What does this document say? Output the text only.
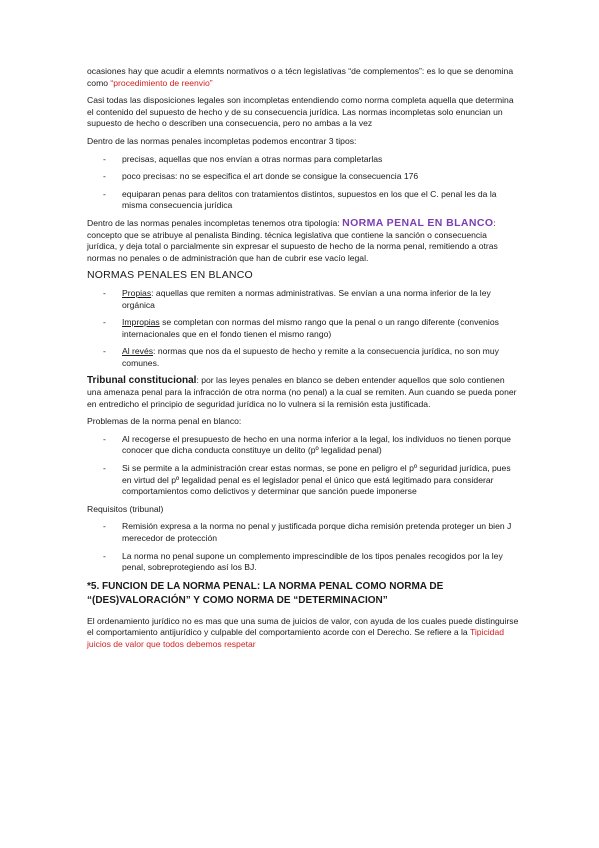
ocasiones hay que acudir a elemnts normativos o a técn legislativas “de complementos”: es lo que se denomina como “procedimiento de reenvio”

Casi todas las disposiciones legales son incompletas entendiendo como norma completa aquella que determina el contenido del supuesto de hecho y de su consecuencia jurídica. Las normas incompletas solo enuncian un supuesto de hecho o describen una consecuencia, pero no ambas a la vez

Dentro de las normas penales incompletas podemos encontrar 3 tipos:

- precisas, aquellas que nos envían a otras normas para completarlas
- poco precisas: no se especifica el art donde se consigue la consecuencia 176
- equiparan penas para delitos con tratamientos distintos, supuestos en los que el C. penal les da la misma consecuencia jurídica

Dentro de las normas penales incompletas tenemos otra tipología: NORMA PENAL EN BLANCO: concepto que se atribuye al penalista Binding. técnica legislativa que contiene la sanción o consecuencia jurídica, y deja total o parcialmente sin expresar el supuesto de hecho de la norma penal, remitiendo a otras normas no penales o de administración que han de cubrir ese vacío legal.

NORMAS PENALES EN BLANCO

- Propias: aquellas que remiten a normas administrativas. Se envían a una norma inferior de la ley orgánica
- Impropias se completan con normas del mismo rango que la penal o un rango diferente (convenios internacionales que en el fondo tienen el mismo rango)
- Al revés: normas que nos da el supuesto de hecho y remite a la consecuencia jurídica, no son muy comunes.

Tribunal constitucional: por las leyes penales en blanco se deben entender aquellos que solo contienen una amenaza penal para la infracción de otra norma (no penal) a la cual se remiten. Aun cuando se pueda poner en entredicho el principio de seguridad jurídica no lo vulnera si la remisión esta justificada.

Problemas de la norma penal en blanco:

- Al recogerse el presupuesto de hecho en una norma inferior a la legal, los individuos no tienen porque conocer que dicha conducta constituye un delito (pº legalidad penal)
- Si se permite a la administración crear estas normas, se pone en peligro el pº seguridad jurídica, pues en virtud del pº legalidad penal es el legislador penal el único que está legitimado para considerar comportamientos como delictivos y determinar que sanción puede imponerse

Requisitos (tribunal)

- Remisión expresa a la norma no penal y justificada porque dicha remisión pretenda proteger un bien J merecedor de protección
- La norma no penal supone un complemento imprescindible de los tipos penales recogidos por la ley penal, sobreprotegiendo así los BJ.

*5. FUNCION DE LA NORMA PENAL: LA NORMA PENAL COMO NORMA DE “(DES)VALORACIÓN” Y COMO NORMA DE “DETERMINACION”

El ordenamiento jurídico no es mas que una suma de juicios de valor, con ayuda de los cuales puede distinguirse el comportamiento antijurídico y culpable del comportamiento acorde con el Derecho. Se refiere a la Tipicidad juicios de valor que todos debemos respetar
